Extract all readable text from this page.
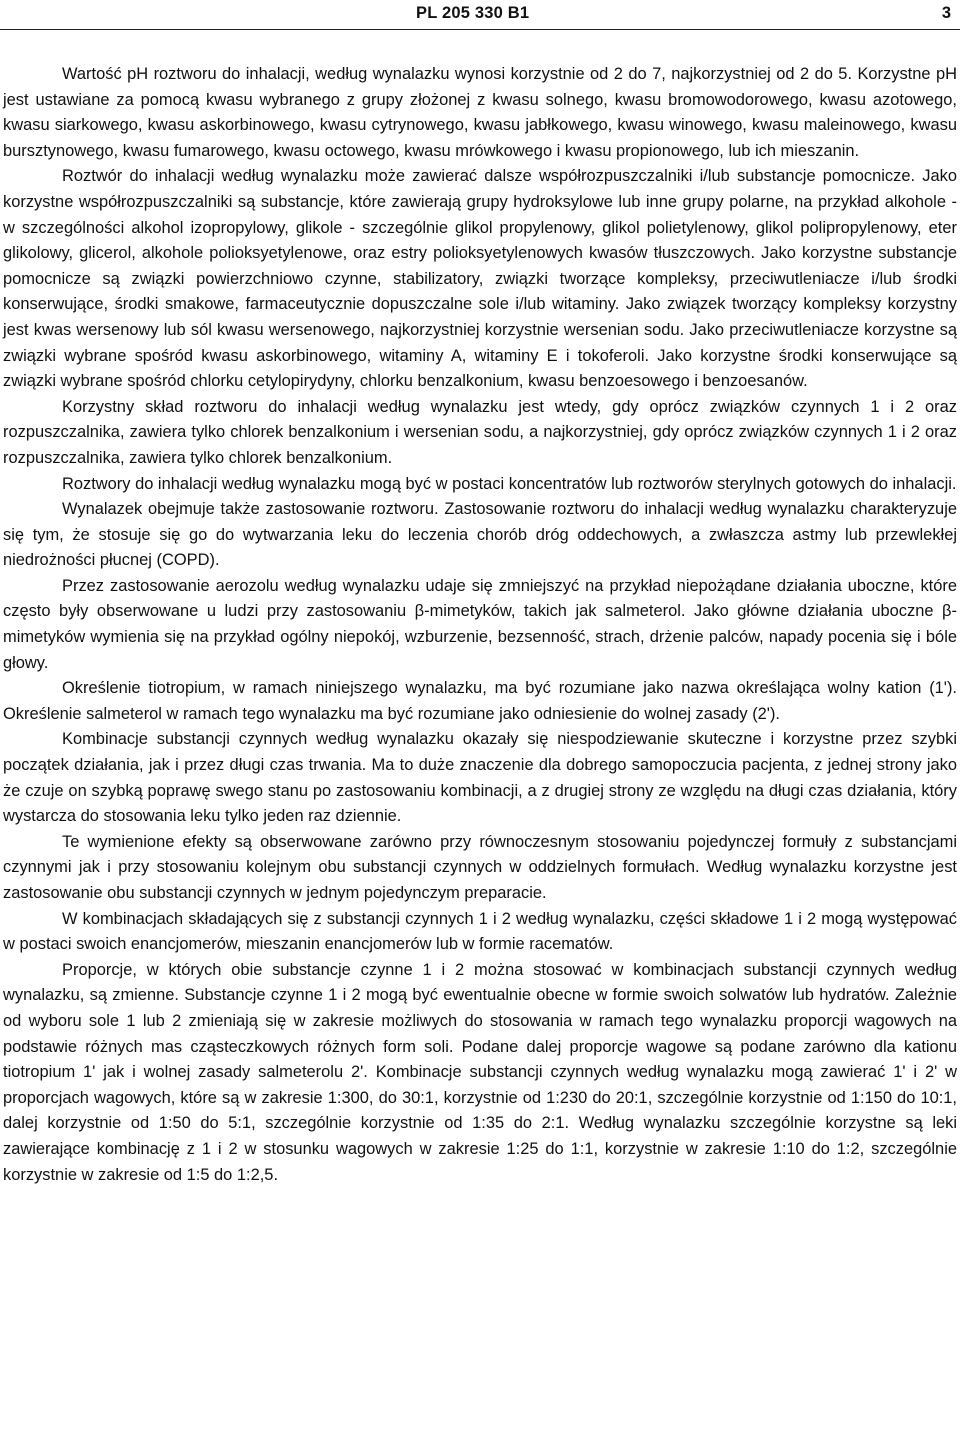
PL 205 330 B1	3

Wartość pH roztworu do inhalacji, według wynalazku wynosi korzystnie od 2 do 7, najkorzystniej od 2 do 5. Korzystne pH jest ustawiane za pomocą kwasu wybranego z grupy złożonej z kwasu solnego, kwasu bromowodorowego, kwasu azotowego, kwasu siarkowego, kwasu askorbinowego, kwasu cytrynowego, kwasu jabłkowego, kwasu winowego, kwasu maleinowego, kwasu bursztynowego, kwasu fumarowego, kwasu octowego, kwasu mrówkowego i kwasu propionowego, lub ich mieszanin.

Roztwór do inhalacji według wynalazku może zawierać dalsze współrozpuszczalniki i/lub substancje pomocnicze. Jako korzystne współrozpuszczalniki są substancje, które zawierają grupy hydroksylowe lub inne grupy polarne, na przykład alkohole - w szczególności alkohol izopropylowy, glikole - szczególnie glikol propylenowy, glikol polietylenowy, glikol polipropylenowy, eter glikolowy, glicerol, alkohole polioksyetylenowe, oraz estry polioksyetylenowych kwasów tłuszczowych. Jako korzystne substancje pomocnicze są związki powierzchniowo czynne, stabilizatory, związki tworzące kompleksy, przeciwutleniacze i/lub środki konserwujące, środki smakowe, farmaceutycznie dopuszczalne sole i/lub witaminy. Jako związek tworzący kompleksy korzystny jest kwas wersenowy lub sól kwasu wersenowego, najkorzystniej korzystnie wersenian sodu. Jako przeciwutleniacze korzystne są związki wybrane spośród kwasu askorbinowego, witaminy A, witaminy E i tokoferoli. Jako korzystne środki konserwujące są związki wybrane spośród chlorku cetylopirydyny, chlorku benzalkonium, kwasu benzoesowego i benzoesanów.

Korzystny skład roztworu do inhalacji według wynalazku jest wtedy, gdy oprócz związków czynnych 1 i 2 oraz rozpuszczalnika, zawiera tylko chlorek benzalkonium i wersenian sodu, a najkorzystniej, gdy oprócz związków czynnych 1 i 2 oraz rozpuszczalnika, zawiera tylko chlorek benzalkonium.

Roztwory do inhalacji według wynalazku mogą być w postaci koncentratów lub roztworów sterylnych gotowych do inhalacji.

Wynalazek obejmuje także zastosowanie roztworu. Zastosowanie roztworu do inhalacji według wynalazku charakteryzuje się tym, że stosuje się go do wytwarzania leku do leczenia chorób dróg oddechowych, a zwłaszcza astmy lub przewlekłej niedrożności płucnej (COPD).

Przez zastosowanie aerozolu według wynalazku udaje się zmniejszyć na przykład niepożądane działania uboczne, które często były obserwowane u ludzi przy zastosowaniu β-mimetyków, takich jak salmeterol. Jako główne działania uboczne β-mimetyków wymienia się na przykład ogólny niepokój, wzburzenie, bezsenność, strach, drżenie palców, napady pocenia się i bóle głowy.

Określenie tiotropium, w ramach niniejszego wynalazku, ma być rozumiane jako nazwa określająca wolny kation (1'). Określenie salmeterol w ramach tego wynalazku ma być rozumiane jako odniesienie do wolnej zasady (2').

Kombinacje substancji czynnych według wynalazku okazały się niespodziewanie skuteczne i korzystne przez szybki początek działania, jak i przez długi czas trwania. Ma to duże znaczenie dla dobrego samopoczucia pacjenta, z jednej strony jako że czuje on szybką poprawę swego stanu po zastosowaniu kombinacji, a z drugiej strony ze względu na długi czas działania, który wystarcza do stosowania leku tylko jeden raz dziennie.

Te wymienione efekty są obserwowane zarówno przy równoczesnym stosowaniu pojedynczej formuły z substancjami czynnymi jak i przy stosowaniu kolejnym obu substancji czynnych w oddzielnych formułach. Według wynalazku korzystne jest zastosowanie obu substancji czynnych w jednym pojedynczym preparacie.

W kombinacjach składających się z substancji czynnych 1 i 2 według wynalazku, części składowe 1 i 2 mogą występować w postaci swoich enancjomerów, mieszanin enancjomerów lub w formie racematów.

Proporcje, w których obie substancje czynne 1 i 2 można stosować w kombinacjach substancji czynnych według wynalazku, są zmienne. Substancje czynne 1 i 2 mogą być ewentualnie obecne w formie swoich solwatów lub hydratów. Zależnie od wyboru sole 1 lub 2 zmieniają się w zakresie możliwych do stosowania w ramach tego wynalazku proporcji wagowych na podstawie różnych mas cząsteczkowych różnych form soli. Podane dalej proporcje wagowe są podane zarówno dla kationu tiotropium 1' jak i wolnej zasady salmeterolu 2'. Kombinacje substancji czynnych według wynalazku mogą zawierać 1' i 2' w proporcjach wagowych, które są w zakresie 1:300, do 30:1, korzystnie od 1:230 do 20:1, szczególnie korzystnie od 1:150 do 10:1, dalej korzystnie od 1:50 do 5:1, szczególnie korzystnie od 1:35 do 2:1. Według wynalazku szczególnie korzystne są leki zawierające kombinację z 1 i 2 w stosunku wagowych w zakresie 1:25 do 1:1, korzystnie w zakresie 1:10 do 1:2, szczególnie korzystnie w zakresie od 1:5 do 1:2,5.
